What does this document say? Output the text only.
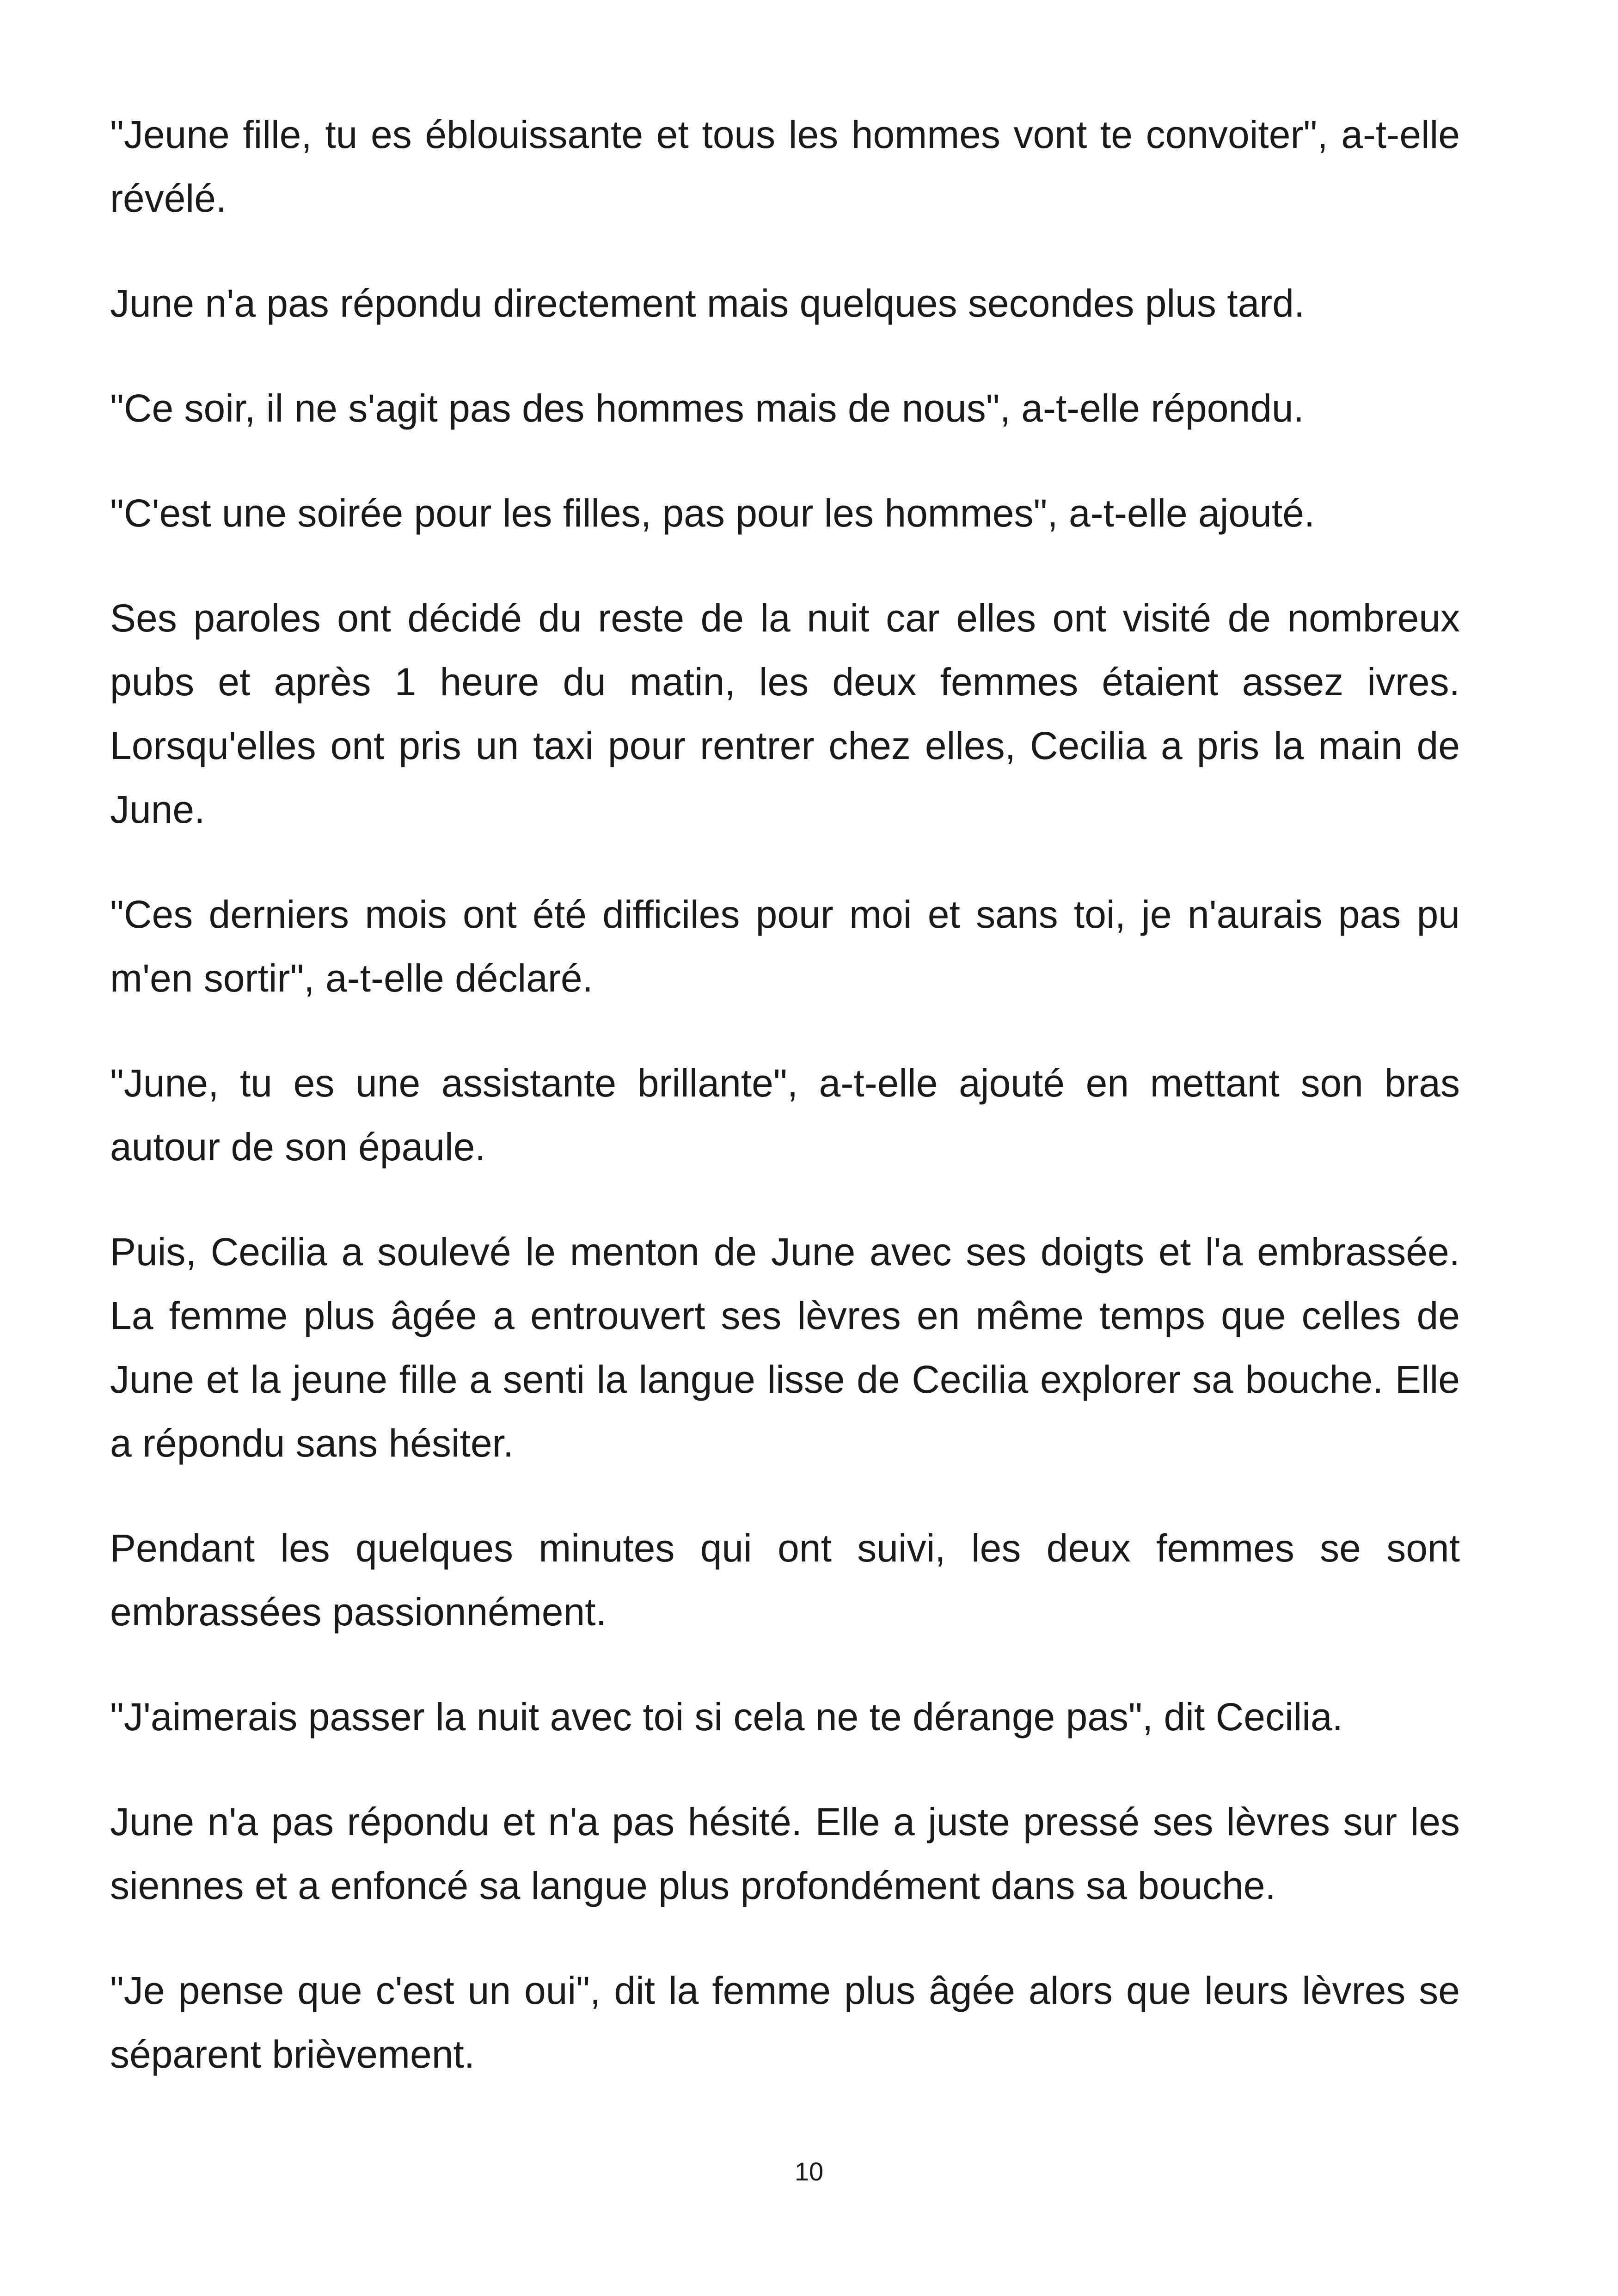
"Jeune fille, tu es éblouissante et tous les hommes vont te convoiter", a-t-elle révélé.

June n'a pas répondu directement mais quelques secondes plus tard.

"Ce soir, il ne s'agit pas des hommes mais de nous", a-t-elle répondu.

"C'est une soirée pour les filles, pas pour les hommes", a-t-elle ajouté.

Ses paroles ont décidé du reste de la nuit car elles ont visité de nombreux pubs et après 1 heure du matin, les deux femmes étaient assez ivres. Lorsqu'elles ont pris un taxi pour rentrer chez elles, Cecilia a pris la main de June.

"Ces derniers mois ont été difficiles pour moi et sans toi, je n'aurais pas pu m'en sortir", a-t-elle déclaré.

"June, tu es une assistante brillante", a-t-elle ajouté en mettant son bras autour de son épaule.

Puis, Cecilia a soulevé le menton de June avec ses doigts et l'a embrassée. La femme plus âgée a entrouvert ses lèvres en même temps que celles de June et la jeune fille a senti la langue lisse de Cecilia explorer sa bouche. Elle a répondu sans hésiter.

Pendant les quelques minutes qui ont suivi, les deux femmes se sont embrassées passionnément.

"J'aimerais passer la nuit avec toi si cela ne te dérange pas", dit Cecilia.

June n'a pas répondu et n'a pas hésité. Elle a juste pressé ses lèvres sur les siennes et a enfoncé sa langue plus profondément dans sa bouche.

"Je pense que c'est un oui", dit la femme plus âgée alors que leurs lèvres se séparent brièvement.

10
